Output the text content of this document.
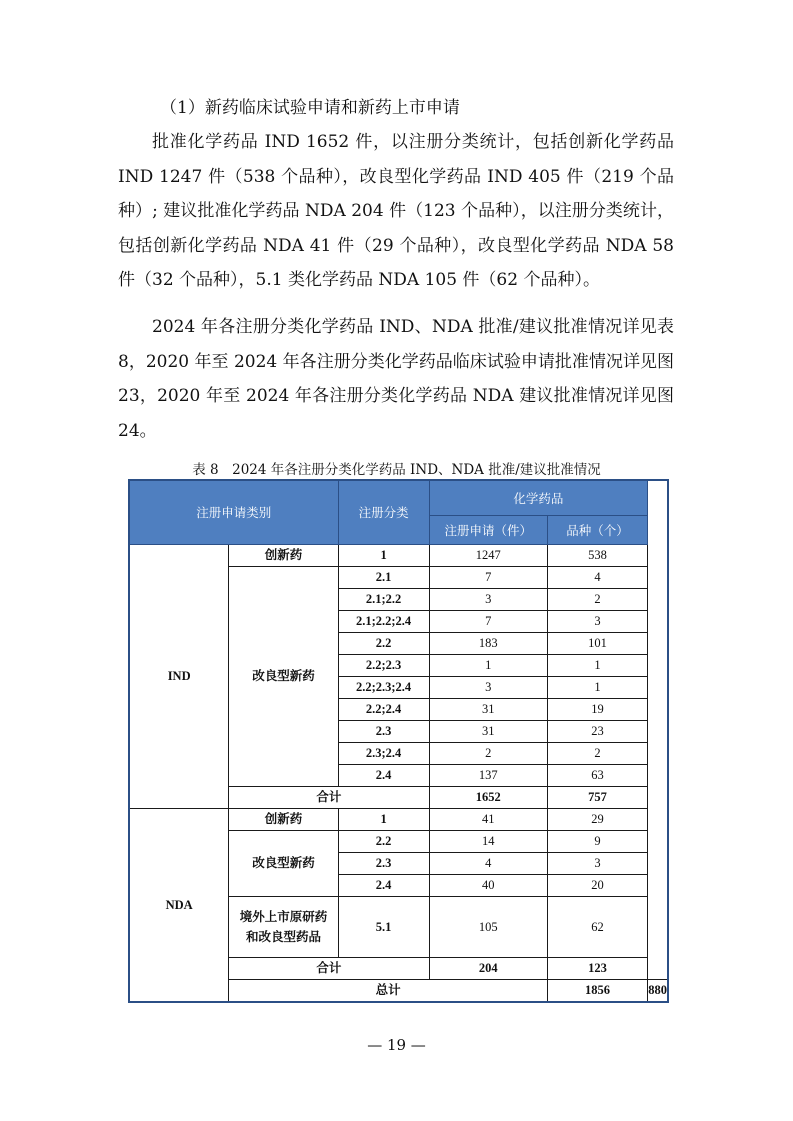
（1）新药临床试验申请和新药上市申请

批准化学药品 IND 1652 件，以注册分类统计，包括创新化学药品 IND 1247 件（538 个品种），改良型化学药品 IND 405 件（219 个品种）; 建议批准化学药品 NDA 204 件（123 个品种），以注册分类统计，包括创新化学药品 NDA 41 件（29 个品种），改良型化学药品 NDA 58 件（32 个品种），5.1 类化学药品 NDA 105 件（62 个品种）。

2024 年各注册分类化学药品 IND、NDA 批准/建议批准情况详见表 8，2020 年至 2024 年各注册分类化学药品临床试验申请批准情况详见图 23，2020 年至 2024 年各注册分类化学药品 NDA 建议批准情况详见图 24。

表 8　2024 年各注册分类化学药品 IND、NDA 批准/建议批准情况
注册申请类别		注册分类	化学药品		
			注册申请（件）	品种（个）	
IND	创新药	1	1247	538	
	改良型新药	2.1	7	4	
		2.1;2.2	3	2	
		2.1;2.2;2.4	7	3	
		2.2	183	101	
		2.2;2.3	1	1	
		2.2;2.3;2.4	3	1	
		2.2;2.4	31	19	
		2.3	31	23	
		2.3;2.4	2	2	
		2.4	137	63	
	合计		1652	757	
NDA	创新药	1	41	29	
	改良型新药	2.2	14	9	
		2.3	4	3	
		2.4	40	20	
	境外上市原研药和改良型药品	5.1	105	62	
	合计		204	123	
	总计			1856	880
— 19 —
